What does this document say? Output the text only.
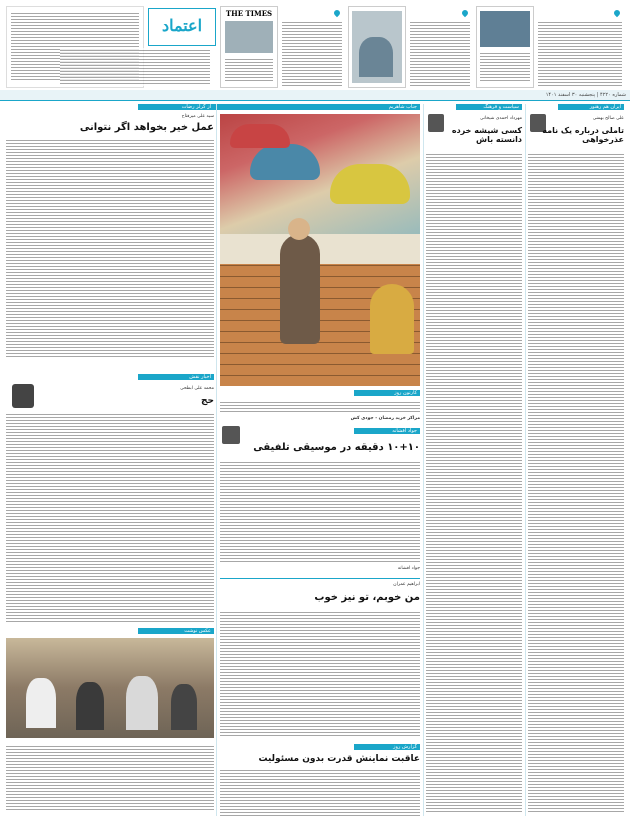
اعتماد
THE TIMES
شماره ۴۲۲۰ | پنجشنبه ۳۰ اسفند ۱۴۰۱
از گرلز رضات
سید علی میرفتاح
عمل خیر بخواهد اگر نتوانی
اخبار نقش
محمد علی ابطحی
حج
عکس نوشت
جناب شاهریم
کارتون روز
مراکز خرید رمضان - جودی کش
جواد افشانه
۱۰+۱۰ دقیقه در موسیقی تلفیقی
جواد افشانه
ابراهیم عمران
من خوبم، تو نیز خوب
گزارش روز
عاقبت نماینش قدرت بدون مسئولیت
سیاست و فرهنگ
مهرداد احمدی شیخانی
کسی شیشه خرده دانسته باش
ایران هم رهنور
علی صالح بهمنی
تاملی درباره یک نامه عذرخواهی
